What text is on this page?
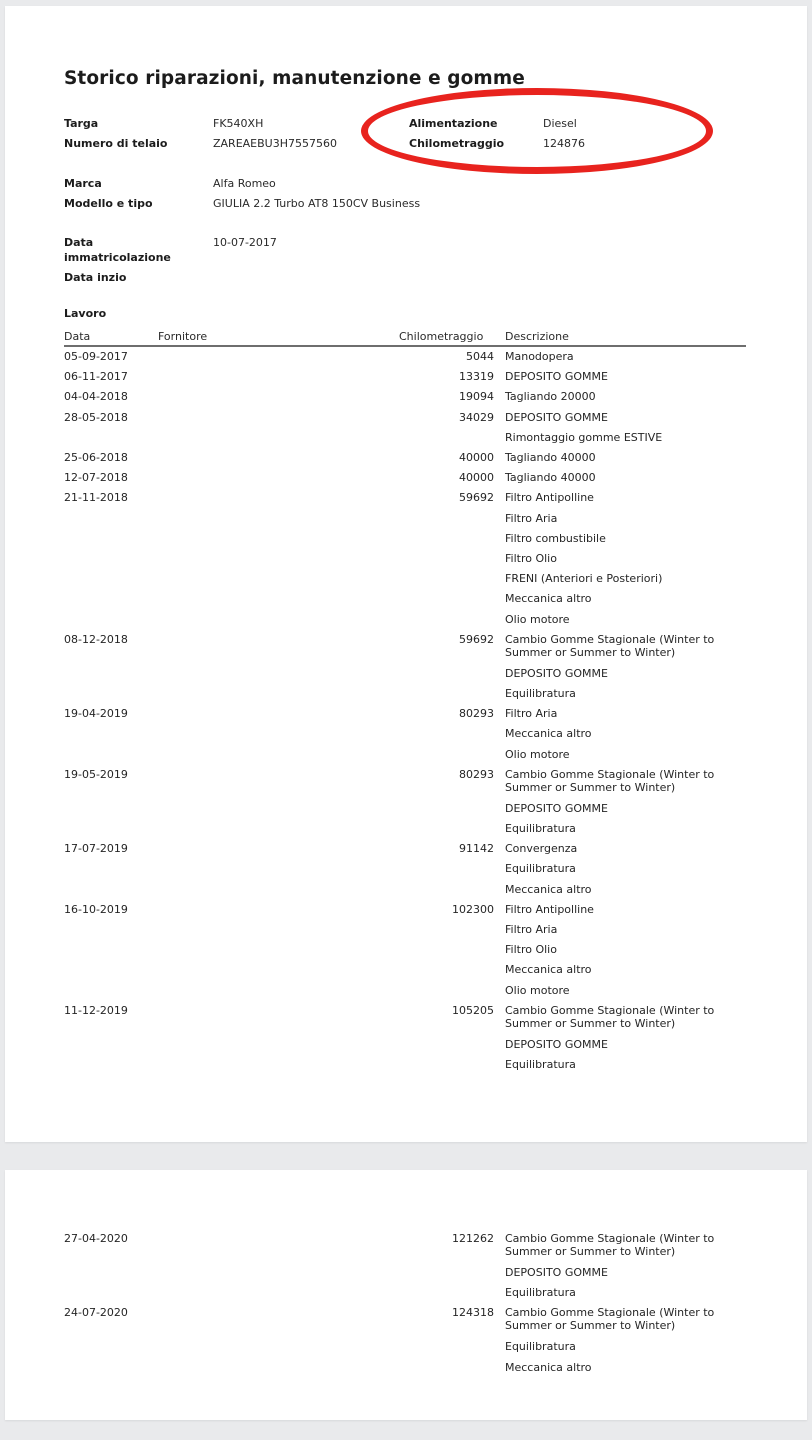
Storico riparazioni, manutenzione e gomme
Targa	FK540XH
Numero di telaio	ZAREAEBU3H7557560
Alimentazione	Diesel
Chilometraggio	124876
Marca	Alfa Romeo
Modello e tipo	GIULIA 2.2 Turbo AT8 150CV Business
Data immatricolazione
10-07-2017
Data inzio
Lavoro
Data	Fornitore	Chilometraggio Descrizione
05-09-2017	5044 Manodopera
06-11-2017	13319 DEPOSITO GOMME
04-04-2018	19094 Tagliando 20000
28-05-2018	34029 DEPOSITO GOMME
Rimontaggio gomme ESTIVE
25-06-2018	40000 Tagliando 40000
12-07-2018	40000 Tagliando 40000
21-11-2018	59692 Filtro Antipolline
Filtro Aria
Filtro combustibile
Filtro Olio
FRENI (Anteriori e Posteriori)
Meccanica altro
Olio motore
08-12-2018	59692 Cambio Gomme Stagionale (Winter to Summer or Summer to Winter)
DEPOSITO GOMME
Equilibratura
19-04-2019	80293 Filtro Aria
Meccanica altro
Olio motore
19-05-2019	80293 Cambio Gomme Stagionale (Winter to Summer or Summer to Winter)
DEPOSITO GOMME
Equilibratura
17-07-2019	91142 Convergenza
Equilibratura
Meccanica altro
16-10-2019	102300 Filtro Antipolline
Filtro Aria
Filtro Olio
Meccanica altro
Olio motore
11-12-2019	105205 Cambio Gomme Stagionale (Winter to Summer or Summer to Winter)
DEPOSITO GOMME
Equilibratura
27-04-2020	121262 Cambio Gomme Stagionale (Winter to Summer or Summer to Winter)
DEPOSITO GOMME
Equilibratura
24-07-2020	124318 Cambio Gomme Stagionale (Winter to Summer or Summer to Winter)
Equilibratura
Meccanica altro
